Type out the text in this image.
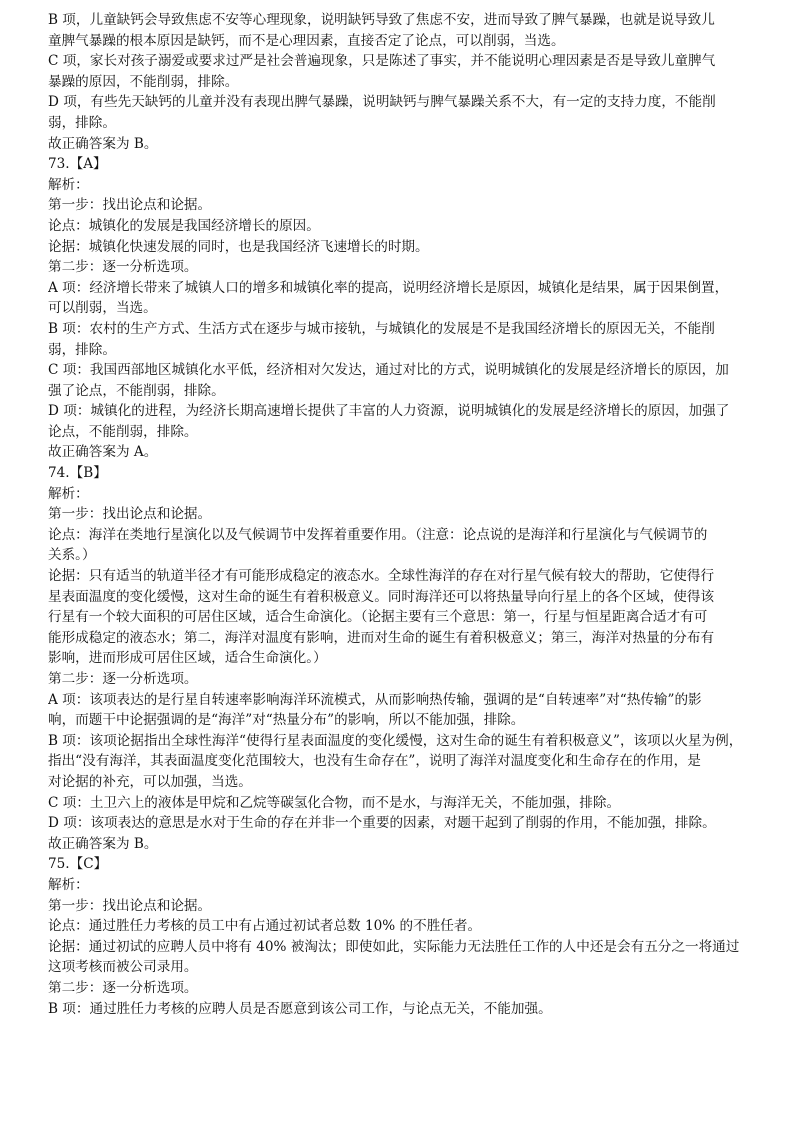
B 项，儿童缺钙会导致焦虑不安等心理现象，说明缺钙导致了焦虑不安，进而导致了脾气暴躁，也就是说导致儿
童脾气暴躁的根本原因是缺钙，而不是心理因素，直接否定了论点，可以削弱，当选。
C 项，家长对孩子溺爱或要求过严是社会普遍现象，只是陈述了事实，并不能说明心理因素是否是导致儿童脾气
暴躁的原因，不能削弱，排除。
D 项，有些先天缺钙的儿童并没有表现出脾气暴躁，说明缺钙与脾气暴躁关系不大，有一定的支持力度，不能削
弱，排除。
故正确答案为 B。
73.【A】
解析：
第一步：找出论点和论据。
论点：城镇化的发展是我国经济增长的原因。
论据：城镇化快速发展的同时，也是我国经济飞速增长的时期。
第二步：逐一分析选项。
A 项：经济增长带来了城镇人口的增多和城镇化率的提高，说明经济增长是原因，城镇化是结果，属于因果倒置，
可以削弱，当选。
B 项：农村的生产方式、生活方式在逐步与城市接轨，与城镇化的发展是不是我国经济增长的原因无关，不能削
弱，排除。
C 项：我国西部地区城镇化水平低，经济相对欠发达，通过对比的方式，说明城镇化的发展是经济增长的原因，加
强了论点，不能削弱，排除。
D 项：城镇化的进程，为经济长期高速增长提供了丰富的人力资源，说明城镇化的发展是经济增长的原因，加强了
论点，不能削弱，排除。
故正确答案为 A。
74.【B】
解析：
第一步：找出论点和论据。
论点：海洋在类地行星演化以及气候调节中发挥着重要作用。（注意：论点说的是海洋和行星演化与气候调节的
关系。）
论据：只有适当的轨道半径才有可能形成稳定的液态水。全球性海洋的存在对行星气候有较大的帮助，它使得行
星表面温度的变化缓慢，这对生命的诞生有着积极意义。同时海洋还可以将热量导向行星上的各个区域，使得该
行星有一个较大面积的可居住区域，适合生命演化。（论据主要有三个意思：第一，行星与恒星距离合适才有可
能形成稳定的液态水；第二，海洋对温度有影响，进而对生命的诞生有着积极意义；第三，海洋对热量的分布有
影响，进而形成可居住区域，适合生命演化。）
第二步：逐一分析选项。
A 项：该项表达的是行星自转速率影响海洋环流模式，从而影响热传输，强调的是“自转速率”对“热传输”的影
响，而题干中论据强调的是“海洋”对“热量分布”的影响，所以不能加强，排除。
B 项：该项论据指出全球性海洋“使得行星表面温度的变化缓慢，这对生命的诞生有着积极意义”，该项以火星为例，
指出“没有海洋，其表面温度变化范围较大，也没有生命存在”，说明了海洋对温度变化和生命存在的作用，是
对论据的补充，可以加强，当选。
C 项：土卫六上的液体是甲烷和乙烷等碳氢化合物，而不是水，与海洋无关，不能加强，排除。
D 项：该项表达的意思是水对于生命的存在并非一个重要的因素，对题干起到了削弱的作用，不能加强，排除。
故正确答案为 B。
75.【C】
解析：
第一步：找出论点和论据。
论点：通过胜任力考核的员工中有占通过初试者总数 10% 的不胜任者。
论据：通过初试的应聘人员中将有 40% 被淘汰；即使如此，实际能力无法胜任工作的人中还是会有五分之一将通过
这项考核而被公司录用。
第二步：逐一分析选项。
B 项：通过胜任力考核的应聘人员是否愿意到该公司工作，与论点无关，不能加强。
